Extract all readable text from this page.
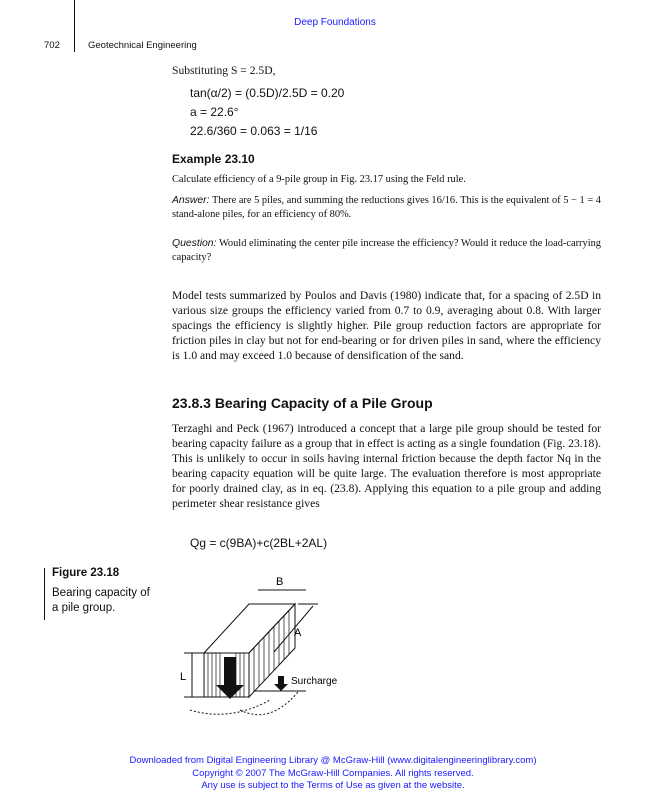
Deep Foundations
702	Geotechnical Engineering
Substituting S = 2.5D,
tan(α/2) = (0.5D)/2.5D = 0.20
a = 22.6°
22.6/360 = 0.063 = 1/16
Example 23.10
Calculate efficiency of a 9-pile group in Fig. 23.17 using the Feld rule.
Answer: There are 5 piles, and summing the reductions gives 16/16. This is the equivalent of 5 − 1 = 4 stand-alone piles, for an efficiency of 80%.
Question: Would eliminating the center pile increase the efficiency? Would it reduce the load-carrying capacity?
Model tests summarized by Poulos and Davis (1980) indicate that, for a spacing of 2.5D in various size groups the efficiency varied from 0.7 to 0.9, averaging about 0.8. With larger spacings the efficiency is slightly higher. Pile group reduction factors are appropriate for friction piles in clay but not for end-bearing or for driven piles in sand, where the efficiency is 1.0 and may exceed 1.0 because of densification of the sand.
23.8.3 Bearing Capacity of a Pile Group
Terzaghi and Peck (1967) introduced a concept that a large pile group should be tested for bearing capacity failure as a group that in effect is acting as a single foundation (Fig. 23.18). This is unlikely to occur in soils having internal friction because the depth factor Nq in the bearing capacity equation will be quite large. The evaluation therefore is most appropriate for poorly drained clay, as in eq. (23.8). Applying this equation to a pile group and adding perimeter shear resistance gives
Qg = c(9BA)+c(2BL+2AL)
Figure 23.18
Bearing capacity of a pile group.
B
A
L	Surcharge
Downloaded from Digital Engineering Library @ McGraw-Hill (www.digitalengineeringlibrary.com)
Copyright © 2007 The McGraw-Hill Companies. All rights reserved.
Any use is subject to the Terms of Use as given at the website.
